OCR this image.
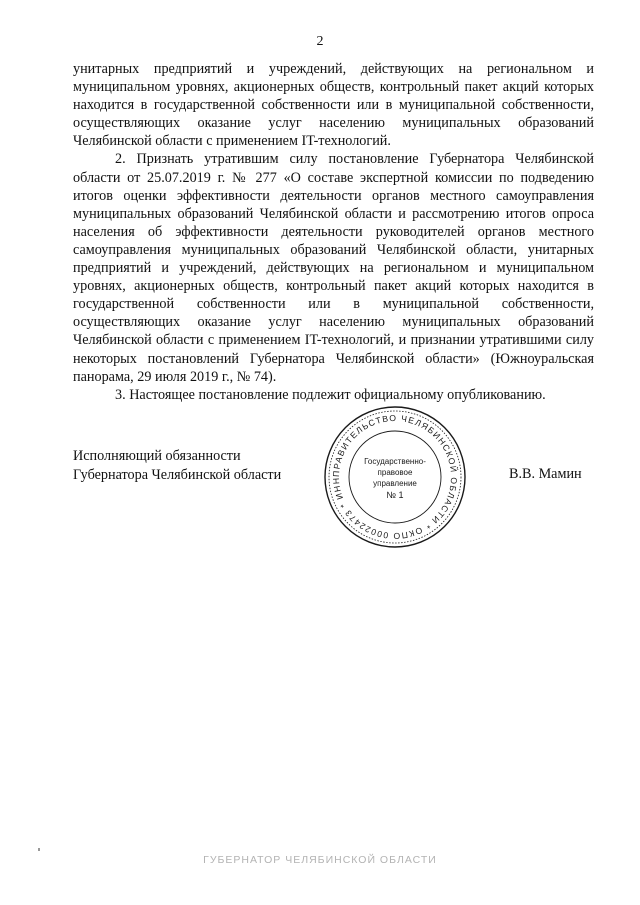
2

унитарных предприятий и учреждений, действующих на региональном и муниципальном уровнях, акционерных обществ, контрольный пакет акций которых находится в государственной собственности или в муниципальной собственности, осуществляющих оказание услуг населению муниципальных образований Челябинской области с применением IT-технологий.

2. Признать утратившим силу постановление Губернатора Челябинской области от 25.07.2019 г. № 277 «О составе экспертной комиссии по подведению итогов оценки эффективности деятельности органов местного самоуправления муниципальных образований Челябинской области и рассмотрению итогов опроса населения об эффективности деятельности руководителей органов местного самоуправления муниципальных образований Челябинской области, унитарных предприятий и учреждений, действующих на региональном и муниципальном уровнях, акционерных обществ, контрольный пакет акций которых находится в государственной собственности или в муниципальной собственности, осуществляющих оказание услуг населению муниципальных образований Челябинской области с применением IT-технологий, и признании утратившими силу некоторых постановлений Губернатора Челябинской области» (Южноуральская панорама, 29 июля 2019 г., № 74).

3. Настоящее постановление подлежит официальному опубликованию.

Исполняющий обязанности
Губернатора Челябинской области	ПРАВИТЕЛЬСТВО ЧЕЛЯБИНСКОЙ ОБЛАСТИ * ОКПО 00022473 * ИНН
Государственно-
правовое
управление
№ 1
В.В. Мамин
ГУБЕРНАТОР ЧЕЛЯБИНСКОЙ ОБЛАСТИ
